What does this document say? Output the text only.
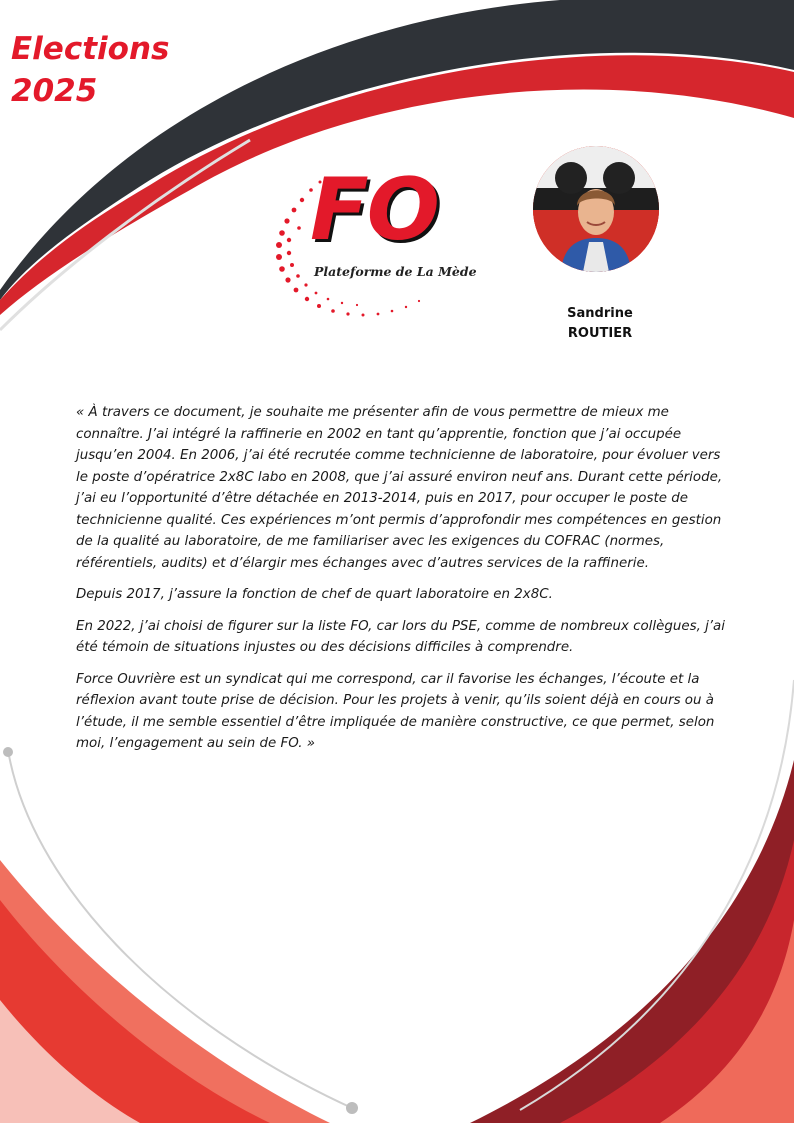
Elections
2025
FO
Plateforme de La Mède
Sandrine
ROUTIER

« À travers ce document, je souhaite me présenter afin de vous permettre de mieux me connaître. J’ai intégré la raffinerie en 2002 en tant qu’apprentie, fonction que j’ai occupée jusqu’en 2004. En 2006, j’ai été recrutée comme technicienne de laboratoire, pour évoluer vers le poste d’opératrice 2x8C labo en 2008, que j’ai assuré environ neuf ans. Durant cette période, j’ai eu l’opportunité d’être détachée en 2013-2014, puis en 2017, pour occuper le poste de technicienne qualité. Ces expériences m’ont permis d’approfondir mes compétences en gestion de la qualité au laboratoire, de me familiariser avec les exigences du COFRAC (normes, référentiels, audits) et d’élargir mes échanges avec d’autres services de la raffinerie.

Depuis 2017, j’assure la fonction de chef de quart laboratoire en 2x8C.

En 2022, j’ai choisi de figurer sur la liste FO, car lors du PSE, comme de nombreux collègues, j’ai été témoin de situations injustes ou des décisions difficiles à comprendre.

Force Ouvrière est un syndicat qui me correspond, car il favorise les échanges, l’écoute et la réflexion avant toute prise de décision. Pour les projets à venir, qu’ils soient déjà en cours ou à l’étude, il me semble essentiel d’être impliquée de manière constructive, ce que permet, selon moi, l’engagement au sein de FO. »
